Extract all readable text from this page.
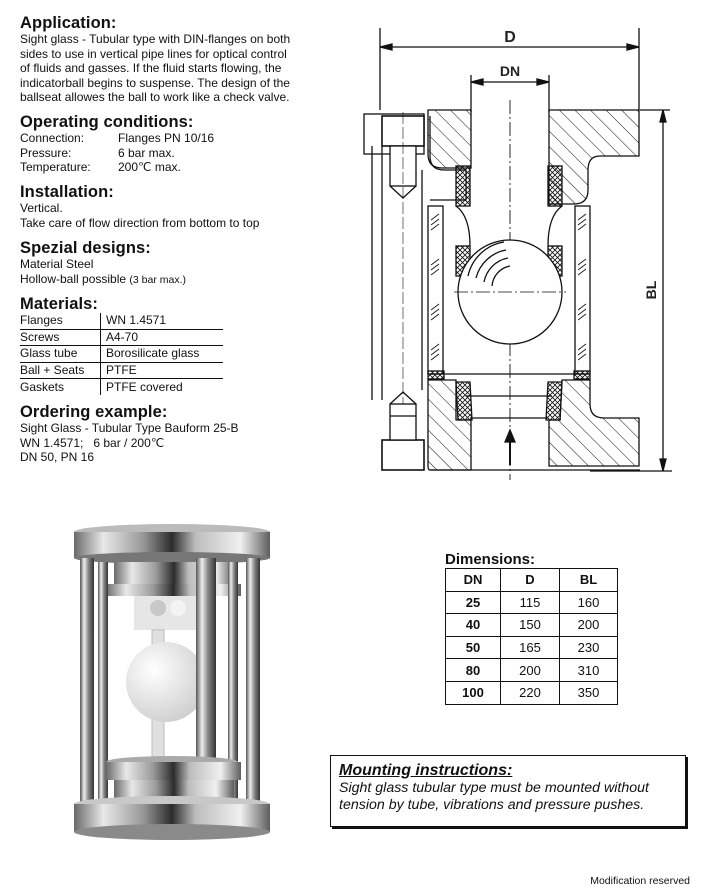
Application:
Sight glass - Tubular type with DIN-flanges on both
sides to use in vertical pipe lines for optical control
of fluids and gasses. If the fluid starts flowing, the
indicatorball begins to suspense. The design of the
ballseat allowes the ball to work like a check valve.
Operating conditions:
Connection:	Flanges PN 10/16
Pressure:	6 bar max.
Temperature:	200℃ max.
Installation:
Vertical.
Take care of flow direction from bottom to top
Spezial designs:
Material Steel
Hollow-ball possible (3 bar max.)
Materials:
Flanges	WN 1.4571
Screws	A4-70
Glass tube	Borosilicate glass
Ball + Seats	PTFE
Gaskets	PTFE covered
Ordering example:
Sight Glass - Tubular Type Bauform 25-B
WN 1.4571;   6 bar / 200℃
DN 50, PN 16
D
DN
BL
Dimensions:
DN	D	BL
25	115	160
40	150	200
50	165	230
80	200	310
100	220	350
Mounting instructions:
Sight glass tubular type must be mounted without
tension by tube, vibrations and pressure pushes.
Modification reserved
